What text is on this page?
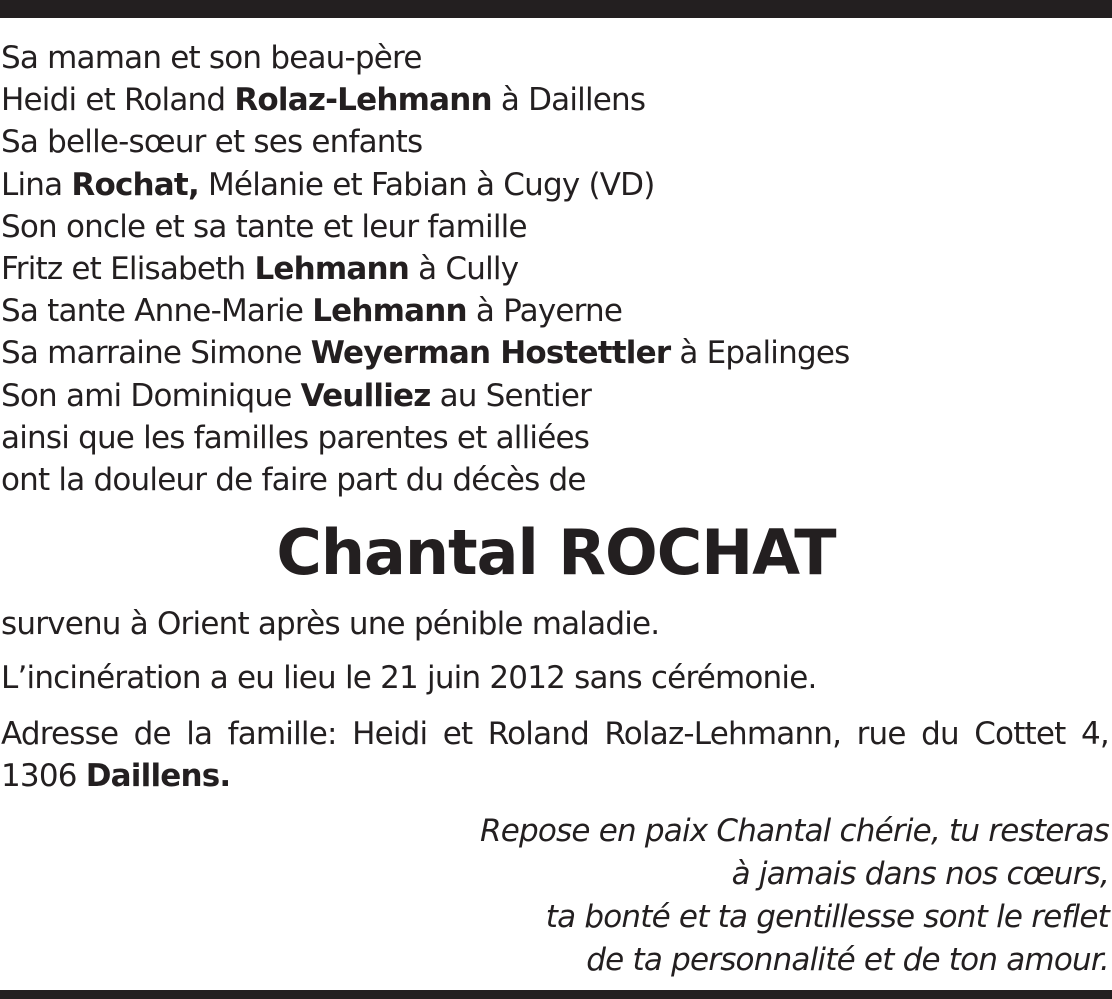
Sa maman et son beau-père
Heidi et Roland Rolaz-Lehmann à Daillens
Sa belle-sœur et ses enfants
Lina Rochat, Mélanie et Fabian à Cugy (VD)
Son oncle et sa tante et leur famille
Fritz et Elisabeth Lehmann à Cully
Sa tante Anne-Marie Lehmann à Payerne
Sa marraine Simone Weyerman Hostettler à Epalinges
Son ami Dominique Veulliez au Sentier
ainsi que les familles parentes et alliées
ont la douleur de faire part du décès de
Chantal ROCHAT
survenu à Orient après une pénible maladie.
L’incinération a eu lieu le 21 juin 2012 sans cérémonie.
Adresse de la famille: Heidi et Roland Rolaz-Lehmann, rue du Cottet 4,
1306 Daillens.
Repose en paix Chantal chérie, tu resteras
à jamais dans nos cœurs,
ta bonté et ta gentillesse sont le reflet
de ta personnalité et de ton amour.
